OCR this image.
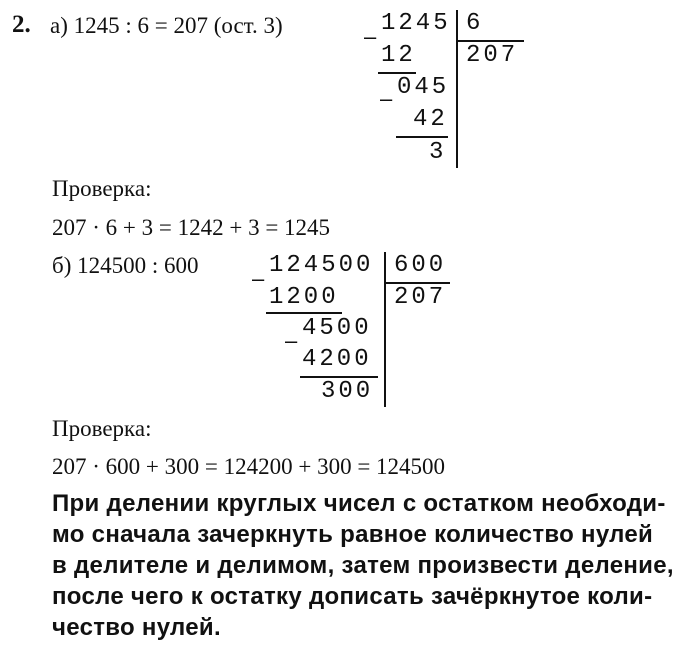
2. а) 1245 : 6 = 207 (ост. 3)	– 1245 6
207
12
– 045
42
3
Проверка:
207 · 6 + 3 = 1242 + 3 = 1245
б) 124500 : 600
– 124500 600
207
1200
– 4500
4200
300
Проверка:
207 · 600 + 300 = 124200 + 300 = 124500
При делении круглых чисел с остатком необходи-
мо сначала зачеркнуть равное количество нулей
в делителе и делимом, затем произвести деление,
после чего к остатку дописать зачёркнутое коли-
чество нулей.
